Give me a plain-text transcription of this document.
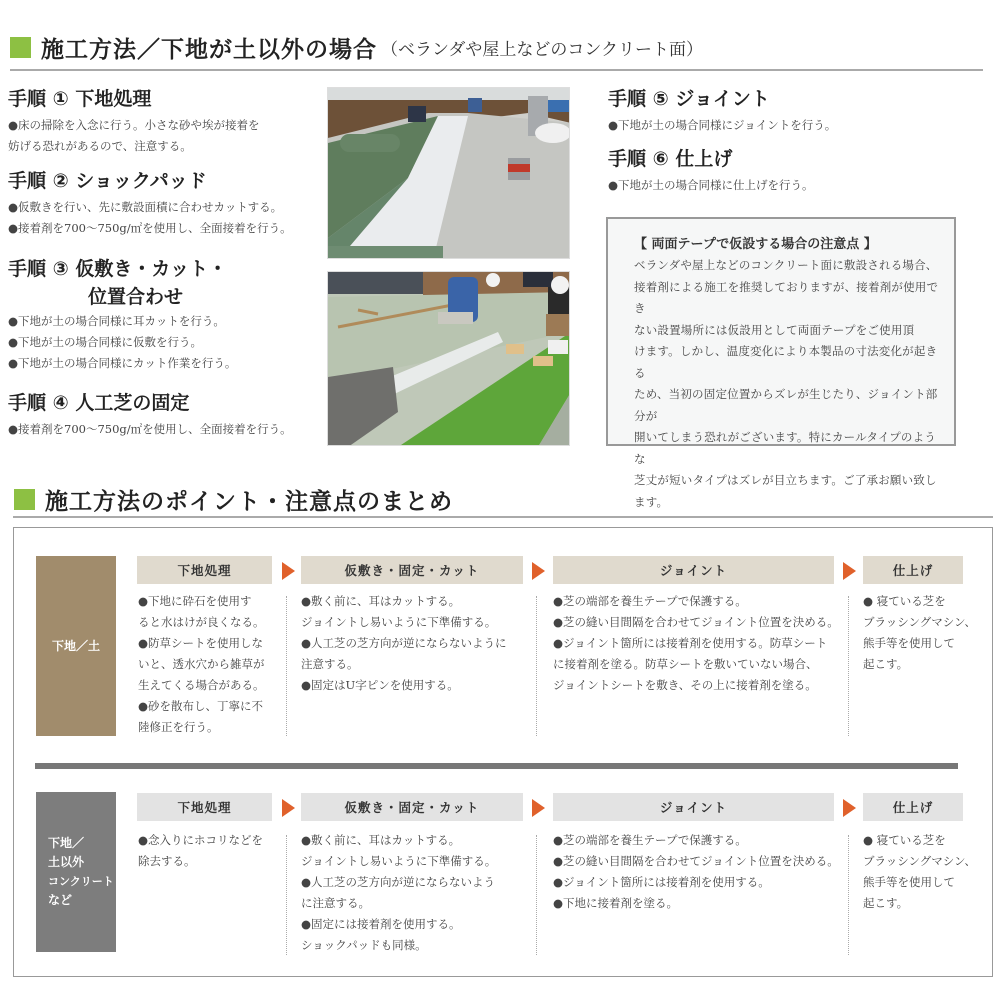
施工方法／下地が土以外の場合 （ベランダや屋上などのコンクリート面）
手順 ① 下地処理
●床の掃除を入念に行う。小さな砂や埃が接着を
妨げる恐れがあるので、注意する。
手順 ② ショックパッド
●仮敷きを行い、先に敷設面積に合わせカットする。
●接着剤を700～750g/㎡を使用し、全面接着を行う。
手順 ③ 仮敷き・カット・
位置合わせ
●下地が土の場合同様に耳カットを行う。
●下地が土の場合同様に仮敷を行う。
●下地が土の場合同様にカット作業を行う。
手順 ④ 人工芝の固定
●接着剤を700～750g/㎡を使用し、全面接着を行う。
手順 ⑤ ジョイント
●下地が土の場合同様にジョイントを行う。
手順 ⑥ 仕上げ
●下地が土の場合同様に仕上げを行う。
【 両面テープで仮設する場合の注意点 】
ベランダや屋上などのコンクリート面に敷設される場合、
接着剤による施工を推奨しておりますが、接着剤が使用でき
ない設置場所には仮設用として両面テープをご使用頂
けます。しかし、温度変化により本製品の寸法変化が起きる
ため、当初の固定位置からズレが生じたり、ジョイント部分が
開いてしまう恐れがございます。特にカールタイプのような
芝丈が短いタイプはズレが目立ちます。ご了承お願い致し
ます。
施工方法のポイント・注意点のまとめ
下地／土
下地処理	仮敷き・固定・カット	ジョイント	仕上げ
●下地に砕石を使用す
ると水はけが良くなる。
●防草シートを使用しな
いと、透水穴から雑草が
生えてくる場合がある。
●砂を散布し、丁寧に不
陸修正を行う。
●敷く前に、耳はカットする。
ジョイントし易いように下準備する。
●人工芝の芝方向が逆にならないように
注意する。
●固定はU字ピンを使用する。
●芝の端部を養生テープで保護する。
●芝の縫い目間隔を合わせてジョイント位置を決める。
●ジョイント箇所には接着剤を使用する。防草シート
に接着剤を塗る。防草シートを敷いていない場合、
ジョイントシートを敷き、その上に接着剤を塗る。
● 寝ている芝を
ブラッシングマシン、
熊手等を使用して
起こす。
下地／
土以外
コンクリート
など
下地処理	仮敷き・固定・カット	ジョイント	仕上げ
●念入りにホコリなどを
除去する。
●敷く前に、耳はカットする。
ジョイントし易いように下準備する。
●人工芝の芝方向が逆にならないよう
に注意する。
●固定には接着剤を使用する。
ショックパッドも同様。
●芝の端部を養生テープで保護する。
●芝の縫い目間隔を合わせてジョイント位置を決める。
●ジョイント箇所には接着剤を使用する。
●下地に接着剤を塗る。
● 寝ている芝を
ブラッシングマシン、
熊手等を使用して
起こす。
